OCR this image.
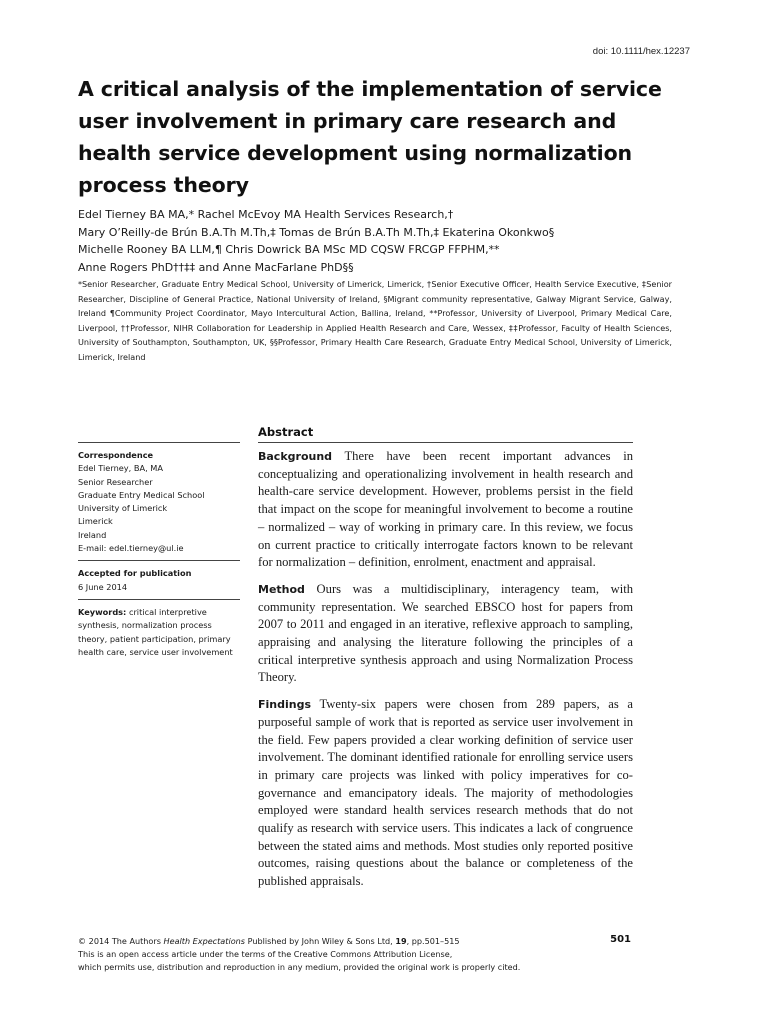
doi: 10.1111/hex.12237
A critical analysis of the implementation of service user involvement in primary care research and health service development using normalization process theory
Edel Tierney BA MA,* Rachel McEvoy MA Health Services Research,†
Mary O’Reilly-de Brún B.A.Th M.Th,‡ Tomas de Brún B.A.Th M.Th,‡ Ekaterina Okonkwo§
Michelle Rooney BA LLM,¶ Chris Dowrick BA MSc MD CQSW FRCGP FFPHM,**
Anne Rogers PhD††‡‡ and Anne MacFarlane PhD§§
*Senior Researcher, Graduate Entry Medical School, University of Limerick, Limerick, †Senior Executive Officer, Health Service Executive, ‡Senior Researcher, Discipline of General Practice, National University of Ireland, §Migrant community representative, Galway Migrant Service, Galway, Ireland ¶Community Project Coordinator, Mayo Intercultural Action, Ballina, Ireland, **Professor, University of Liverpool, Primary Medical Care, Liverpool, ††Professor, NIHR Collaboration for Leadership in Applied Health Research and Care, Wessex, ‡‡Professor, Faculty of Health Sciences, University of Southampton, Southampton, UK, §§Professor, Primary Health Care Research, Graduate Entry Medical School, University of Limerick, Limerick, Ireland
Correspondence
Edel Tierney, BA, MA
Senior Researcher
Graduate Entry Medical School
University of Limerick
Limerick
Ireland
E-mail: edel.tierney@ul.ie
Accepted for publication
6 June 2014
Keywords: critical interpretive synthesis, normalization process theory, patient participation, primary health care, service user involvement
Abstract

Background There have been recent important advances in conceptualizing and operationalizing involvement in health research and health-care service development. However, problems persist in the field that impact on the scope for meaningful involvement to become a routine – normalized – way of working in primary care. In this review, we focus on current practice to critically interrogate factors known to be relevant for normalization – definition, enrolment, enactment and appraisal.

Method Ours was a multidisciplinary, interagency team, with community representation. We searched EBSCO host for papers from 2007 to 2011 and engaged in an iterative, reflexive approach to sampling, appraising and analysing the literature following the principles of a critical interpretive synthesis approach and using Normalization Process Theory.

Findings Twenty-six papers were chosen from 289 papers, as a purposeful sample of work that is reported as service user involvement in the field. Few papers provided a clear working definition of service user involvement. The dominant identified rationale for enrolling service users in primary care projects was linked with policy imperatives for co-governance and emancipatory ideals. The majority of methodologies employed were standard health services research methods that do not qualify as research with service users. This indicates a lack of congruence between the stated aims and methods. Most studies only reported positive outcomes, raising questions about the balance or completeness of the published appraisals.

© 2014 The Authors Health Expectations Published by John Wiley & Sons Ltd, 19, pp.501–515
This is an open access article under the terms of the Creative Commons Attribution License,
which permits use, distribution and reproduction in any medium, provided the original work is properly cited.
501
